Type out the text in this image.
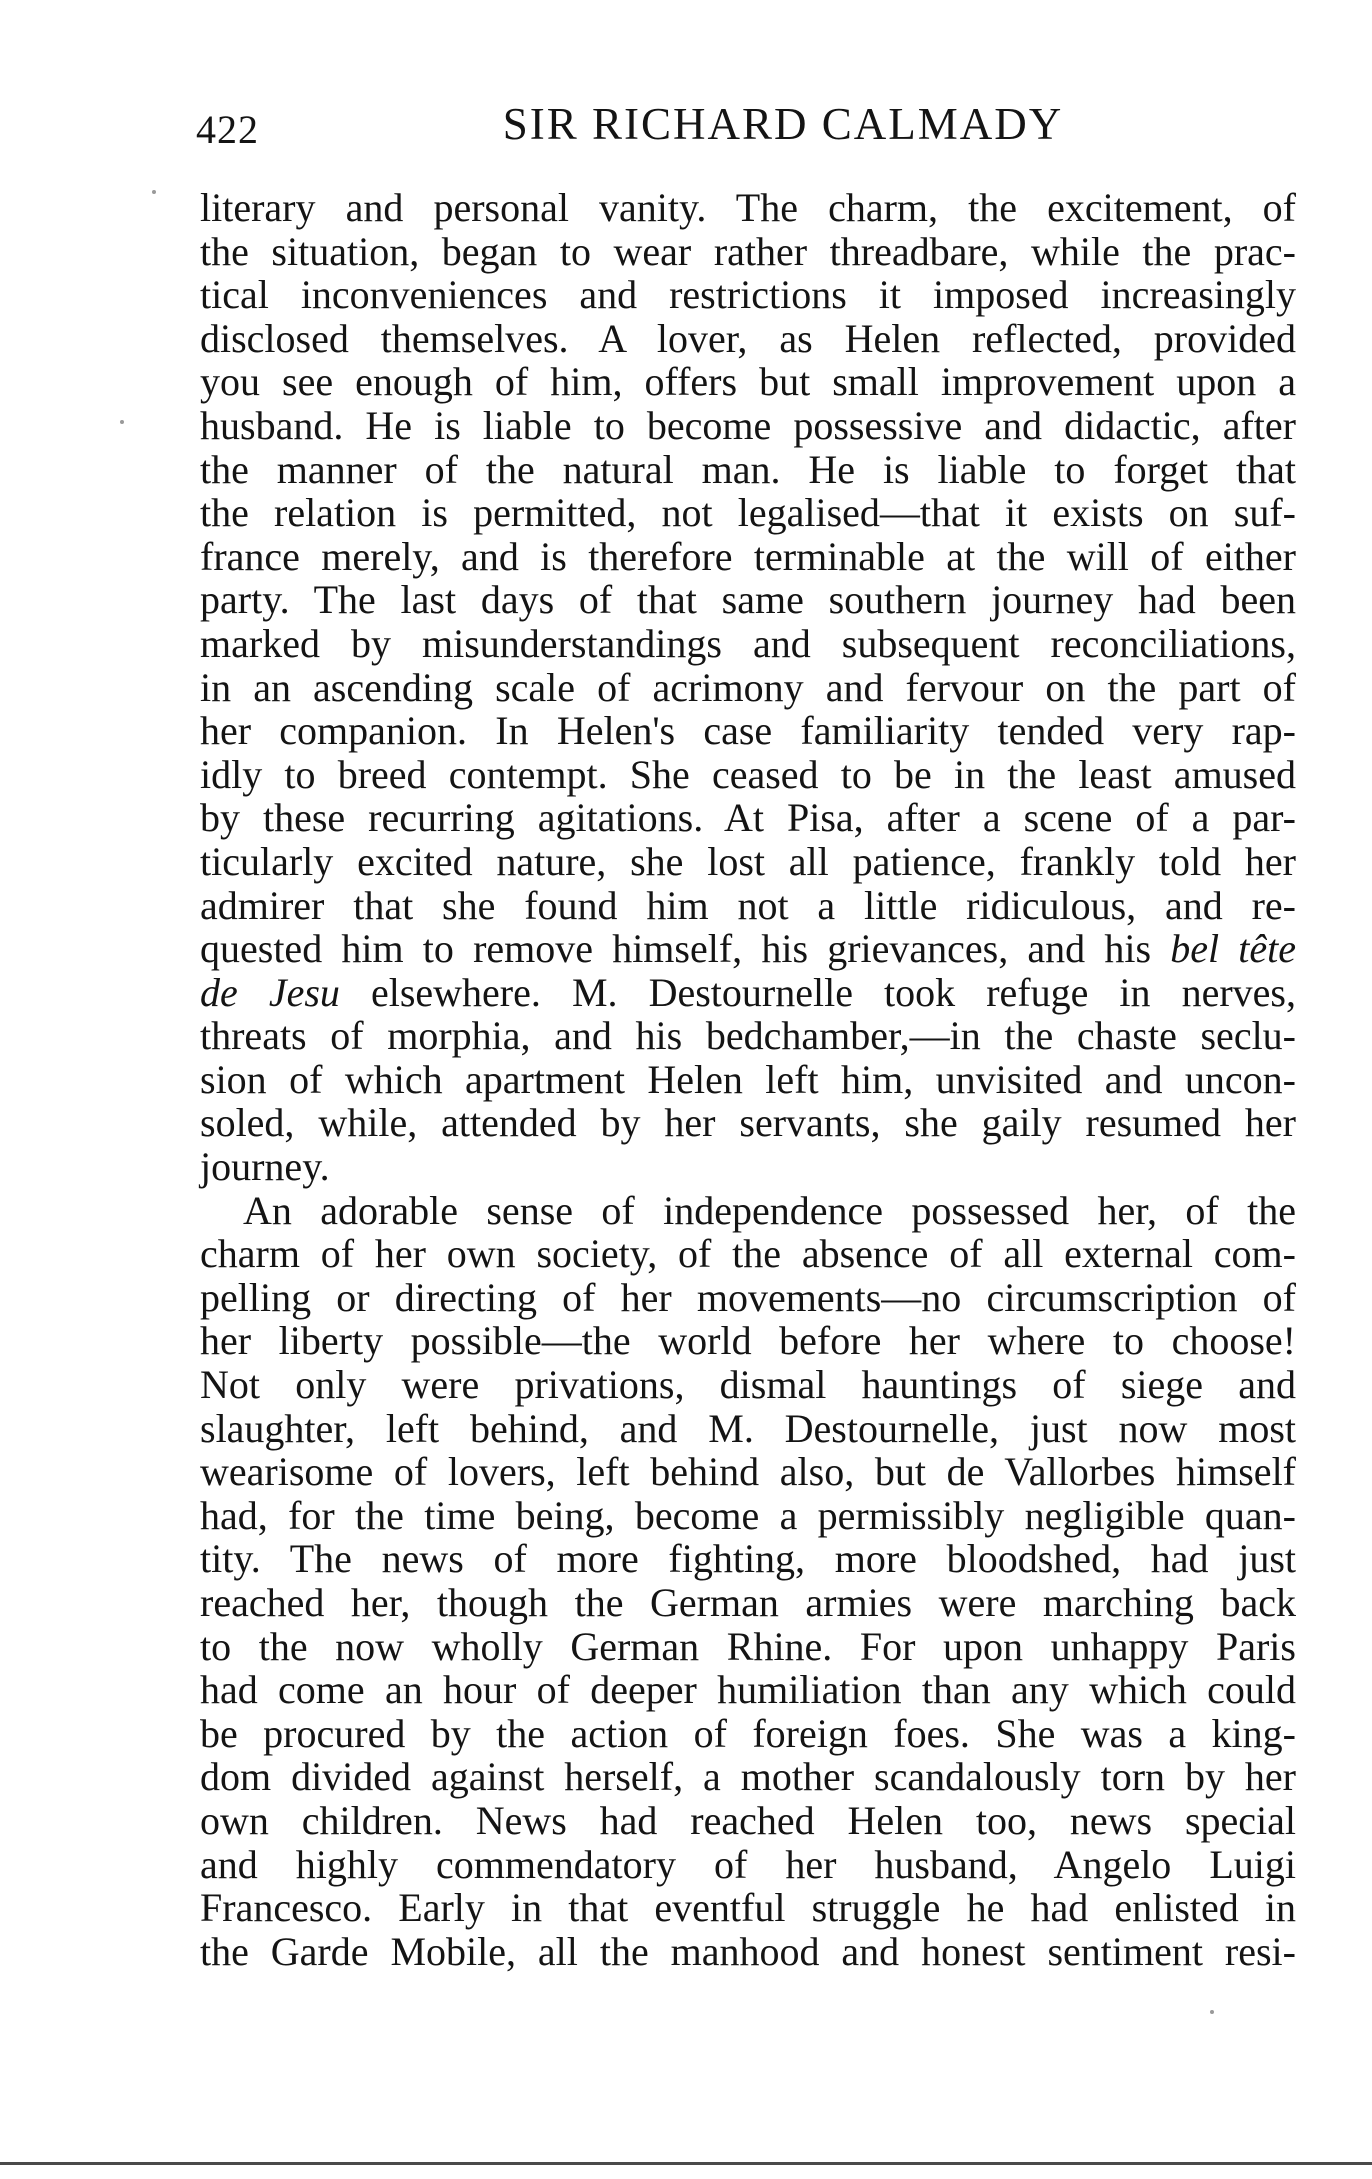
422	SIR RICHARD CALMADY
literary and personal vanity. The charm, the excitement, of
the situation, began to wear rather threadbare, while the prac-
tical inconveniences and restrictions it imposed increasingly
disclosed themselves. A lover, as Helen reflected, provided
you see enough of him, offers but small improvement upon a
husband. He is liable to become possessive and didactic, after
the manner of the natural man. He is liable to forget that
the relation is permitted, not legalised—that it exists on suf-
france merely, and is therefore terminable at the will of either
party. The last days of that same southern journey had been
marked by misunderstandings and subsequent reconciliations,
in an ascending scale of acrimony and fervour on the part of
her companion. In Helen's case familiarity tended very rap-
idly to breed contempt. She ceased to be in the least amused
by these recurring agitations. At Pisa, after a scene of a par-
ticularly excited nature, she lost all patience, frankly told her
admirer that she found him not a little ridiculous, and re-
quested him to remove himself, his grievances, and his bel tête
de Jesu elsewhere. M. Destournelle took refuge in nerves,
threats of morphia, and his bedchamber,—in the chaste seclu-
sion of which apartment Helen left him, unvisited and uncon-
soled, while, attended by her servants, she gaily resumed her
journey.
An adorable sense of independence possessed her, of the
charm of her own society, of the absence of all external com-
pelling or directing of her movements—no circumscription of
her liberty possible—the world before her where to choose!
Not only were privations, dismal hauntings of siege and
slaughter, left behind, and M. Destournelle, just now most
wearisome of lovers, left behind also, but de Vallorbes himself
had, for the time being, become a permissibly negligible quan-
tity. The news of more fighting, more bloodshed, had just
reached her, though the German armies were marching back
to the now wholly German Rhine. For upon unhappy Paris
had come an hour of deeper humiliation than any which could
be procured by the action of foreign foes. She was a king-
dom divided against herself, a mother scandalously torn by her
own children. News had reached Helen too, news special
and highly commendatory of her husband, Angelo Luigi
Francesco. Early in that eventful struggle he had enlisted in
the Garde Mobile, all the manhood and honest sentiment resi-
